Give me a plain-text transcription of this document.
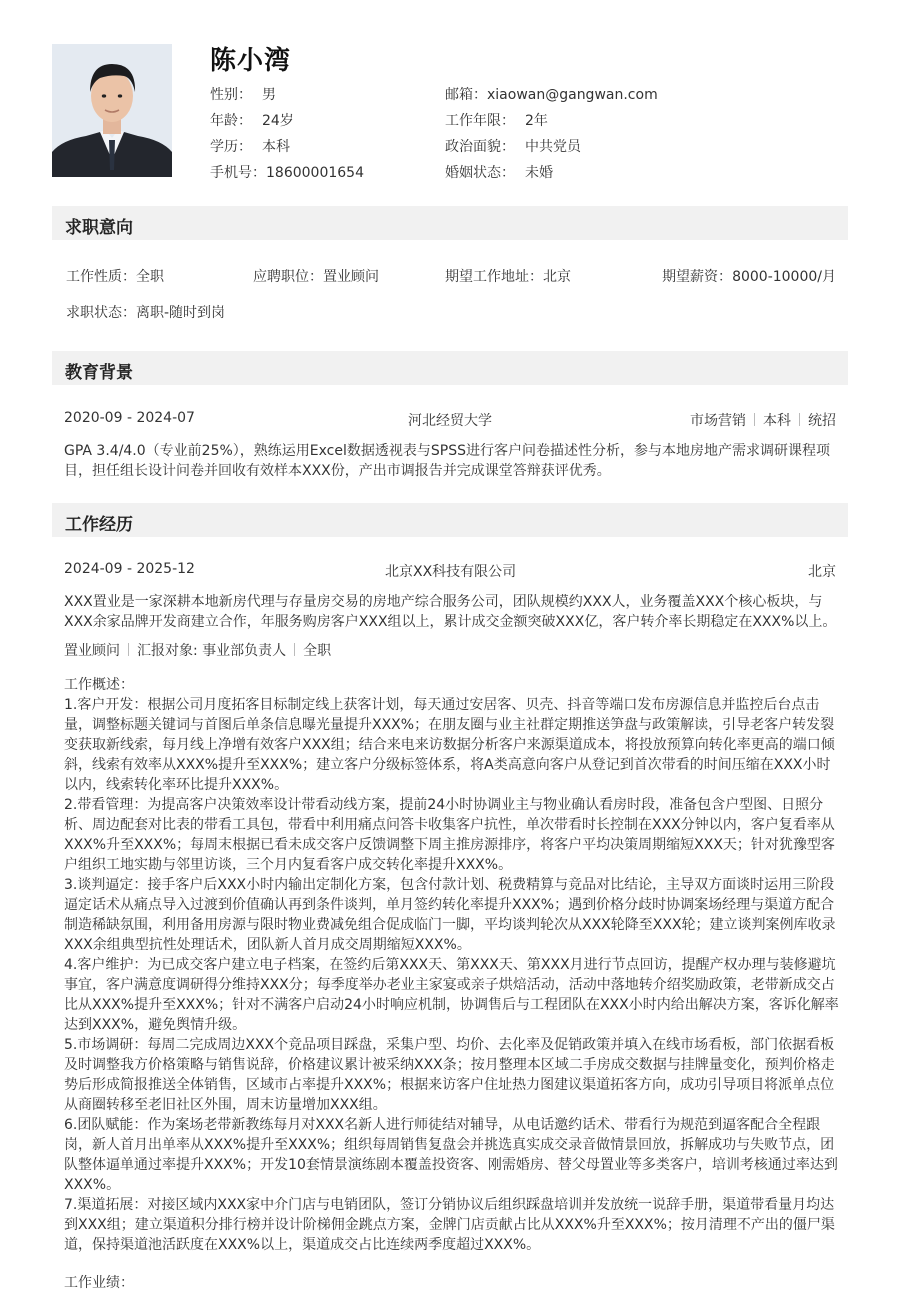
陈小湾
性别： 男
年龄： 24岁
学历： 本科
手机号：18600001654
邮箱：xiaowan@gangwan.com
工作年限： 2年
政治面貌： 中共党员
婚姻状态： 未婚
求职意向
工作性质：全职	应聘职位：置业顾问	期望工作地址：北京	期望薪资：8000-10000/月
求职状态：离职-随时到岗
教育背景
2020-09 - 2024-07	河北经贸大学	市场营销 本科 统招

GPA 3.4/4.0（专业前25%），熟练运用Excel数据透视表与SPSS进行客户问卷描述性分析，参与本地房地产需求调研课程项目，担任组长设计问卷并回收有效样本XXX份，产出市调报告并完成课堂答辩获评优秀。

工作经历
2024-09 - 2025-12	北京XX科技有限公司	北京

XXX置业是一家深耕本地新房代理与存量房交易的房地产综合服务公司，团队规模约XXX人，业务覆盖XXX个核心板块，与XXX余家品牌开发商建立合作，年服务购房客户XXX组以上，累计成交金额突破XXX亿，客户转介率长期稳定在XXX%以上。

置业顾问 汇报对象: 事业部负责人 全职

工作概述：

1.客户开发：根据公司月度拓客目标制定线上获客计划，每天通过安居客、贝壳、抖音等端口发布房源信息并监控后台点击量，调整标题关键词与首图后单条信息曝光量提升XXX%；在朋友圈与业主社群定期推送笋盘与政策解读，引导老客户转发裂变获取新线索，每月线上净增有效客户XXX组；结合来电来访数据分析客户来源渠道成本，将投放预算向转化率更高的端口倾斜，线索有效率从XXX%提升至XXX%；建立客户分级标签体系，将A类高意向客户从登记到首次带看的时间压缩在XXX小时以内，线索转化率环比提升XXX%。

2.带看管理：为提高客户决策效率设计带看动线方案，提前24小时协调业主与物业确认看房时段，准备包含户型图、日照分析、周边配套对比表的带看工具包，带看中利用痛点问答卡收集客户抗性，单次带看时长控制在XXX分钟以内，客户复看率从XXX%升至XXX%；每周末根据已看未成交客户反馈调整下周主推房源排序，将客户平均决策周期缩短XXX天；针对犹豫型客户组织工地实勘与邻里访谈，三个月内复看客户成交转化率提升XXX%。

3.谈判逼定：接手客户后XXX小时内输出定制化方案，包含付款计划、税费精算与竞品对比结论，主导双方面谈时运用三阶段逼定话术从痛点导入过渡到价值确认再到条件谈判，单月签约转化率提升XXX%；遇到价格分歧时协调案场经理与渠道方配合制造稀缺氛围，利用备用房源与限时物业费减免组合促成临门一脚，平均谈判轮次从XXX轮降至XXX轮；建立谈判案例库收录XXX余组典型抗性处理话术，团队新人首月成交周期缩短XXX%。

4.客户维护：为已成交客户建立电子档案，在签约后第XXX天、第XXX天、第XXX月进行节点回访，提醒产权办理与装修避坑事宜，客户满意度调研得分维持XXX分；每季度举办老业主家宴或亲子烘焙活动，活动中落地转介绍奖励政策，老带新成交占比从XXX%提升至XXX%；针对不满客户启动24小时响应机制，协调售后与工程团队在XXX小时内给出解决方案，客诉化解率达到XXX%，避免舆情升级。

5.市场调研：每周二完成周边XXX个竞品项目踩盘，采集户型、均价、去化率及促销政策并填入在线市场看板，部门依据看板及时调整我方价格策略与销售说辞，价格建议累计被采纳XXX条；按月整理本区域二手房成交数据与挂牌量变化，预判价格走势后形成简报推送全体销售，区域市占率提升XXX%；根据来访客户住址热力图建议渠道拓客方向，成功引导项目将派单点位从商圈转移至老旧社区外围，周末访量增加XXX组。

6.团队赋能：作为案场老带新教练每月对XXX名新人进行师徒结对辅导，从电话邀约话术、带看行为规范到逼客配合全程跟岗，新人首月出单率从XXX%提升至XXX%；组织每周销售复盘会并挑选真实成交录音做情景回放，拆解成功与失败节点，团队整体逼单通过率提升XXX%；开发10套情景演练剧本覆盖投资客、刚需婚房、替父母置业等多类客户，培训考核通过率达到XXX%。

7.渠道拓展：对接区域内XXX家中介门店与电销团队，签订分销协议后组织踩盘培训并发放统一说辞手册，渠道带看量月均达到XXX组；建立渠道积分排行榜并设计阶梯佣金跳点方案，金牌门店贡献占比从XXX%升至XXX%；按月清理不产出的僵尸渠道，保持渠道池活跃度在XXX%以上，渠道成交占比连续两季度超过XXX%。

工作业绩：
